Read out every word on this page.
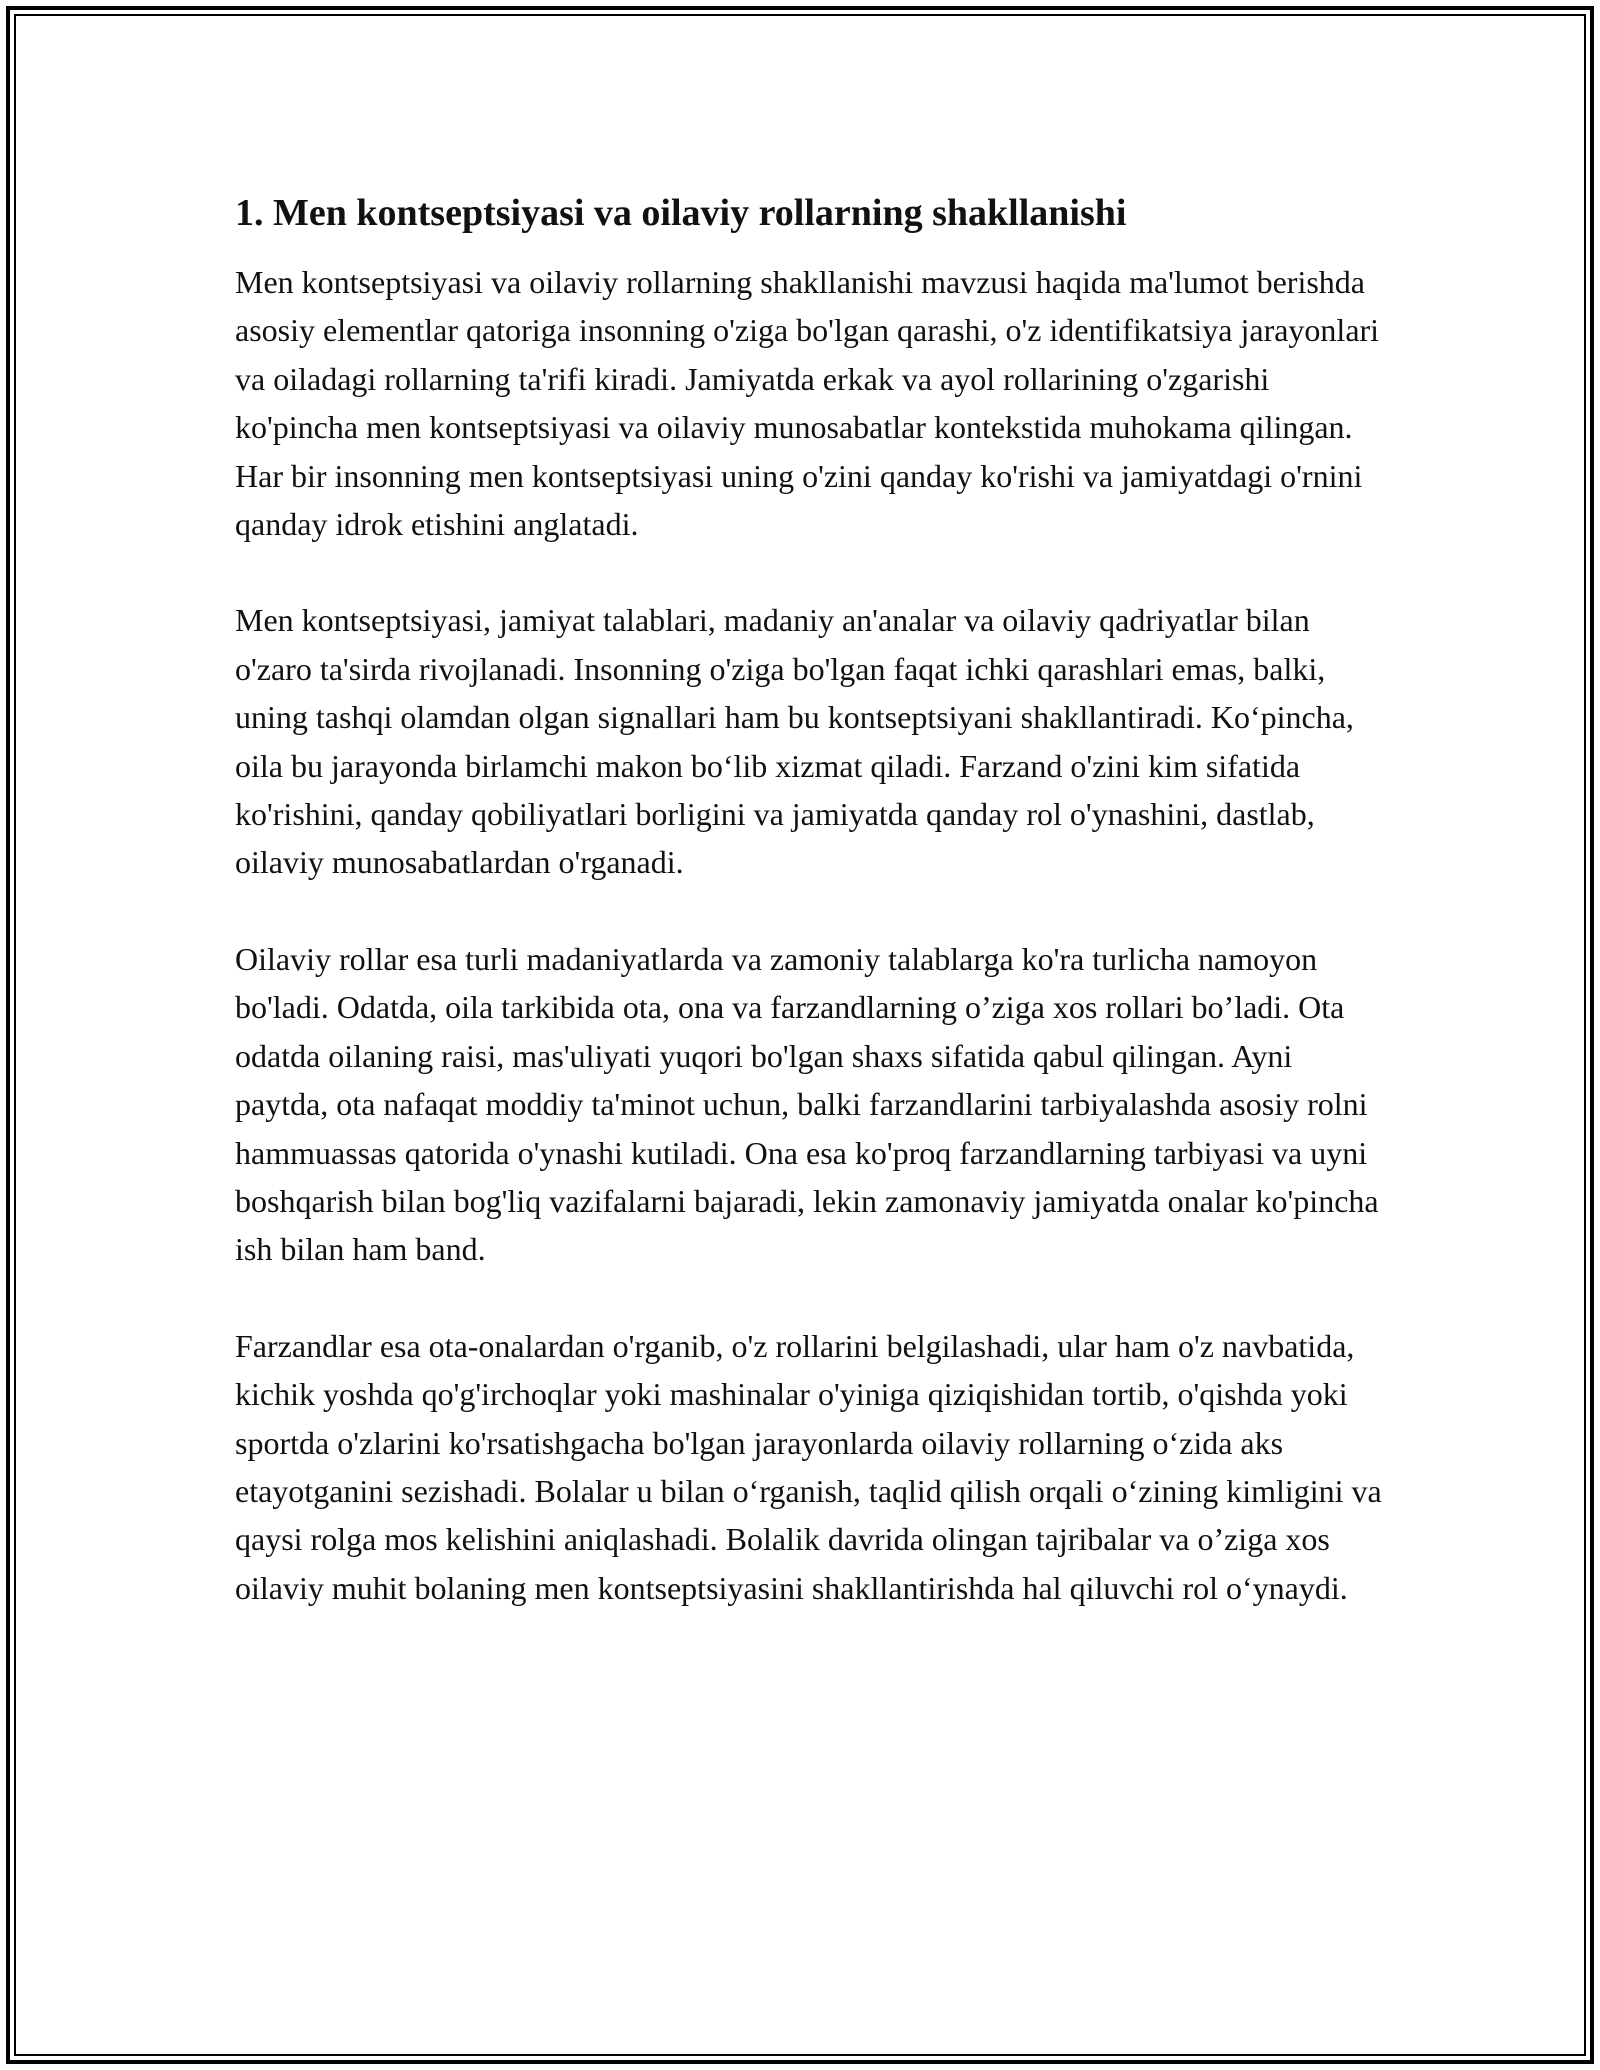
1. Men kontseptsiyasi va oilaviy rollarning shakllanishi

Men kontseptsiyasi va oilaviy rollarning shakllanishi mavzusi haqida ma'lumot berishda asosiy elementlar qatoriga insonning o'ziga bo'lgan qarashi, o'z identifikatsiya jarayonlari va oiladagi rollarning ta'rifi kiradi. Jamiyatda erkak va ayol rollarining o'zgarishi ko'pincha men kontseptsiyasi va oilaviy munosabatlar kontekstida muhokama qilingan. Har bir insonning men kontseptsiyasi uning o'zini qanday ko'rishi va jamiyatdagi o'rnini qanday idrok etishini anglatadi.

Men kontseptsiyasi, jamiyat talablari, madaniy an'analar va oilaviy qadriyatlar bilan o'zaro ta'sirda rivojlanadi. Insonning o'ziga bo'lgan faqat ichki qarashlari emas, balki, uning tashqi olamdan olgan signallari ham bu kontseptsiyani shakllantiradi. Ko‘pincha, oila bu jarayonda birlamchi makon bo‘lib xizmat qiladi. Farzand o'zini kim sifatida ko'rishini, qanday qobiliyatlari borligini va jamiyatda qanday rol o'ynashini, dastlab, oilaviy munosabatlardan o'rganadi.

Oilaviy rollar esa turli madaniyatlarda va zamoniy talablarga ko'ra turlicha namoyon bo'ladi. Odatda, oila tarkibida ota, ona va farzandlarning o’ziga xos rollari bo’ladi. Ota odatda oilaning raisi, mas'uliyati yuqori bo'lgan shaxs sifatida qabul qilingan. Ayni paytda, ota nafaqat moddiy ta'minot uchun, balki farzandlarini tarbiyalashda asosiy rolni hammuassas qatorida o'ynashi kutiladi. Ona esa ko'proq farzandlarning tarbiyasi va uyni boshqarish bilan bog'liq vazifalarni bajaradi, lekin zamonaviy jamiyatda onalar ko'pincha ish bilan ham band.

Farzandlar esa ota-onalardan o'rganib, o'z rollarini belgilashadi, ular ham o'z navbatida, kichik yoshda qo'g'irchoqlar yoki mashinalar o'yiniga qiziqishidan tortib, o'qishda yoki sportda o'zlarini ko'rsatishgacha bo'lgan jarayonlarda oilaviy rollarning o‘zida aks etayotganini sezishadi. Bolalar u bilan o‘rganish, taqlid qilish orqali o‘zining kimligini va qaysi rolga mos kelishini aniqlashadi. Bolalik davrida olingan tajribalar va o’ziga xos oilaviy muhit bolaning men kontseptsiyasini shakllantirishda hal qiluvchi rol o‘ynaydi.
